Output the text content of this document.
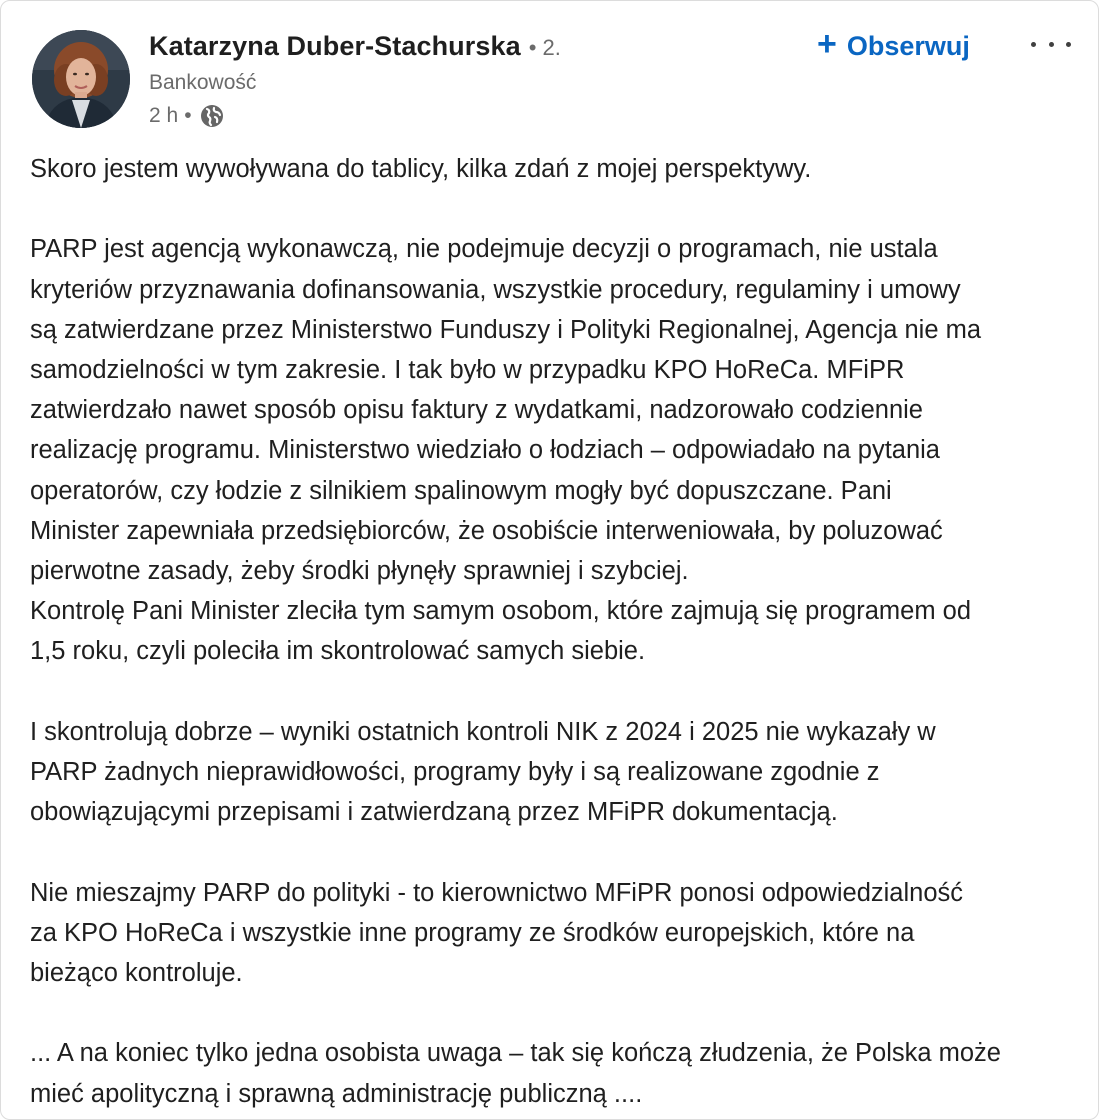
Katarzyna Duber-Stachurska • 2.
Bankowość
2 h •
+ Obserwuj

Skoro jestem wywoływana do tablicy, kilka zdań z mojej perspektywy.

PARP jest agencją wykonawczą, nie podejmuje decyzji o programach, nie ustala

kryteriów przyznawania dofinansowania, wszystkie procedury, regulaminy i umowy

są zatwierdzane przez Ministerstwo Funduszy i Polityki Regionalnej, Agencja nie ma

samodzielności w tym zakresie. I tak było w przypadku KPO HoReCa. MFiPR

zatwierdzało nawet sposób opisu faktury z wydatkami, nadzorowało codziennie

realizację programu. Ministerstwo wiedziało o łodziach – odpowiadało na pytania

operatorów, czy łodzie z silnikiem spalinowym mogły być dopuszczane. Pani

Minister zapewniała przedsiębiorców, że osobiście interweniowała, by poluzować

pierwotne zasady, żeby środki płynęły sprawniej i szybciej.

Kontrolę Pani Minister zleciła tym samym osobom, które zajmują się programem od

1,5 roku, czyli poleciła im skontrolować samych siebie.

I skontrolują dobrze – wyniki ostatnich kontroli NIK z 2024 i 2025 nie wykazały w

PARP żadnych nieprawidłowości, programy były i są realizowane zgodnie z

obowiązującymi przepisami i zatwierdzaną przez MFiPR dokumentacją.

Nie mieszajmy PARP do polityki - to kierownictwo MFiPR ponosi odpowiedzialność

za KPO HoReCa i wszystkie inne programy ze środków europejskich, które na

bieżąco kontroluje.

... A na koniec tylko jedna osobista uwaga – tak się kończą złudzenia, że Polska może

mieć apolityczną i sprawną administrację publiczną ....
